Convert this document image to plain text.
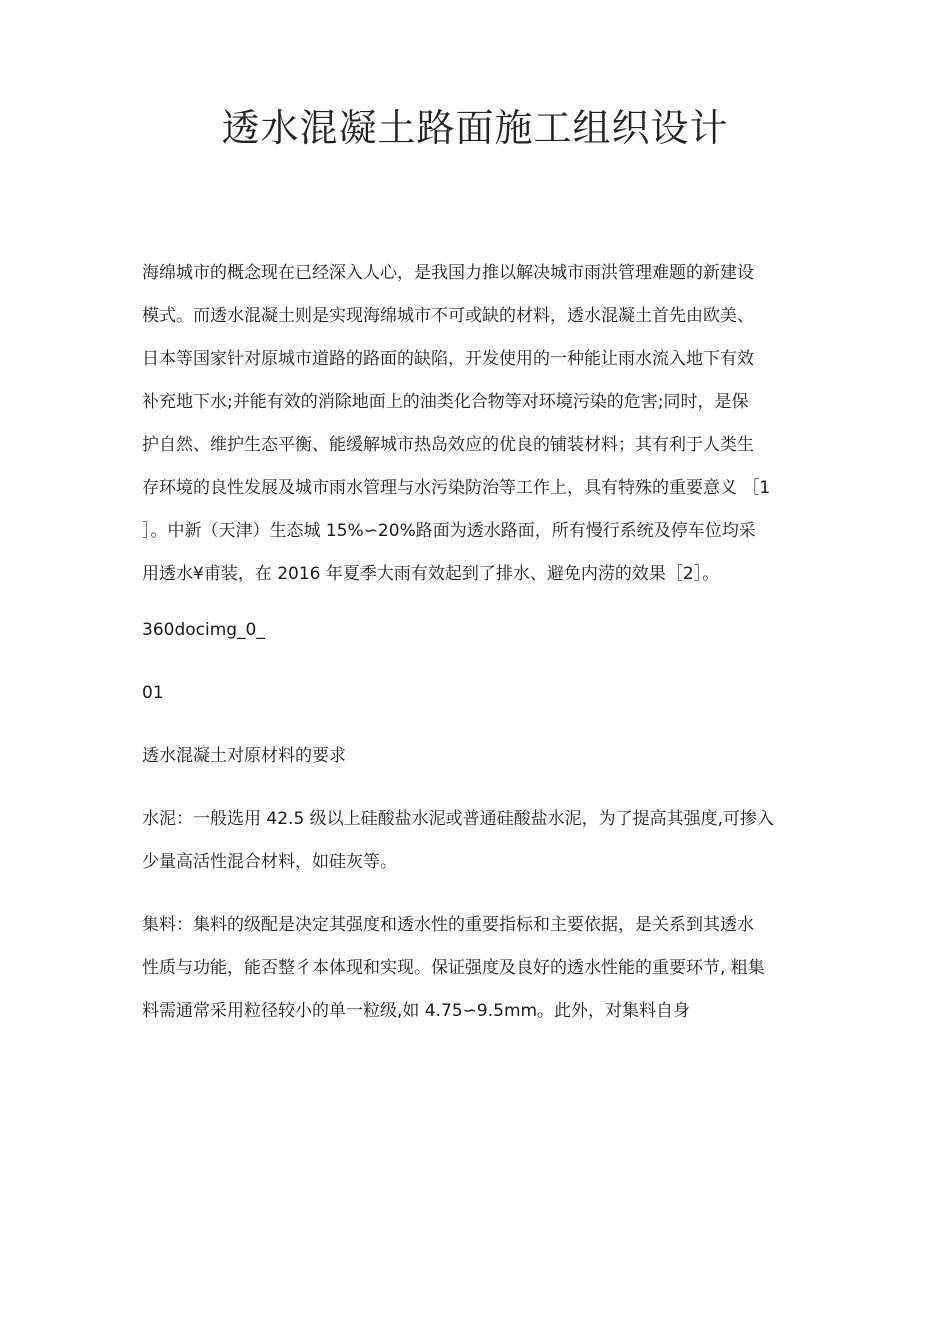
透水混凝土路面施工组织设计

海绵城市的概念现在已经深入人心，是我国力推以解决城市雨洪管理难题的新建设
模式。而透水混凝土则是实现海绵城市不可或缺的材料，透水混凝土首先由欧美、
日本等国家针对原城市道路的路面的缺陷，开发使用的一种能让雨水流入地下有效
补充地下水;并能有效的消除地面上的油类化合物等对环境污染的危害;同时，是保
护自然、维护生态平衡、能缓解城市热岛效应的优良的铺装材料；其有利于人类生
存环境的良性发展及城市雨水管理与水污染防治等工作上，具有特殊的重要意义 ［1
］。中新（天津）生态城 15%∽20%路面为透水路面，所有慢行系统及停车位均采
用透水¥甫装，在 2016 年夏季大雨有效起到了排水、避免内涝的效果［2］。

360docimg_0_

01

透水混凝土对原材料的要求

水泥：一般选用 42.5 级以上硅酸盐水泥或普通硅酸盐水泥，为了提高其强度,可掺入
少量高活性混合材料，如硅灰等。

集料：集料的级配是决定其强度和透水性的重要指标和主要依据，是关系到其透水
性质与功能，能否整彳本体现和实现。保证强度及良好的透水性能的重要环节, 粗集
料需通常采用粒径较小的单一粒级,如 4.75∽9.5mm。此外，对集料自身
